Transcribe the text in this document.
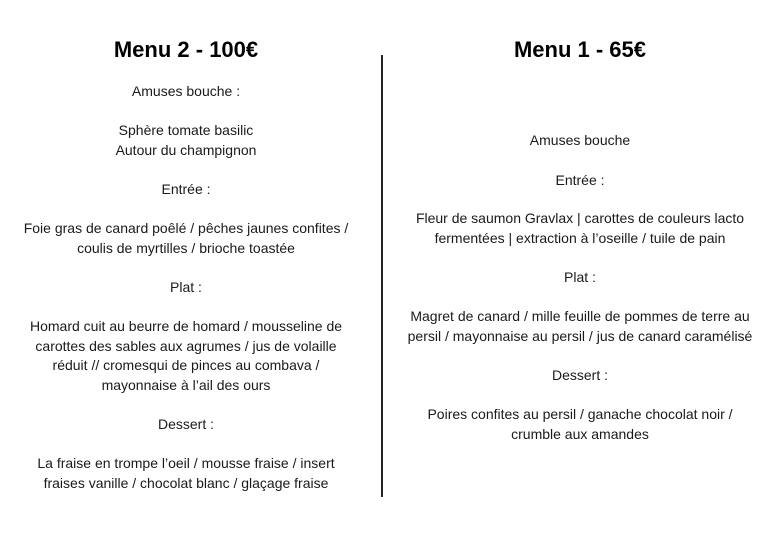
Menu 2 - 100€

Amuses bouche :

Sphère tomate basilic
Autour du champignon

Entrée :

Foie gras de canard poêlé / pêches jaunes confites /
coulis de myrtilles / brioche toastée

Plat :

Homard cuit au beurre de homard / mousseline de
carottes des sables aux agrumes / jus de volaille
réduit // cromesqui de pinces au combava /
mayonnaise à l’ail des ours

Dessert :

La fraise en trompe l’oeil / mousse fraise / insert
fraises vanille / chocolat blanc / glaçage fraise
Menu 1 - 65€

Amuses bouche

Entrée :

Fleur de saumon Gravlax | carottes de couleurs lacto
fermentées | extraction à l’oseille / tuile de pain

Plat :

Magret de canard / mille feuille de pommes de terre au
persil / mayonnaise au persil / jus de canard caramélisé

Dessert :

Poires confites au persil / ganache chocolat noir /
crumble aux amandes
